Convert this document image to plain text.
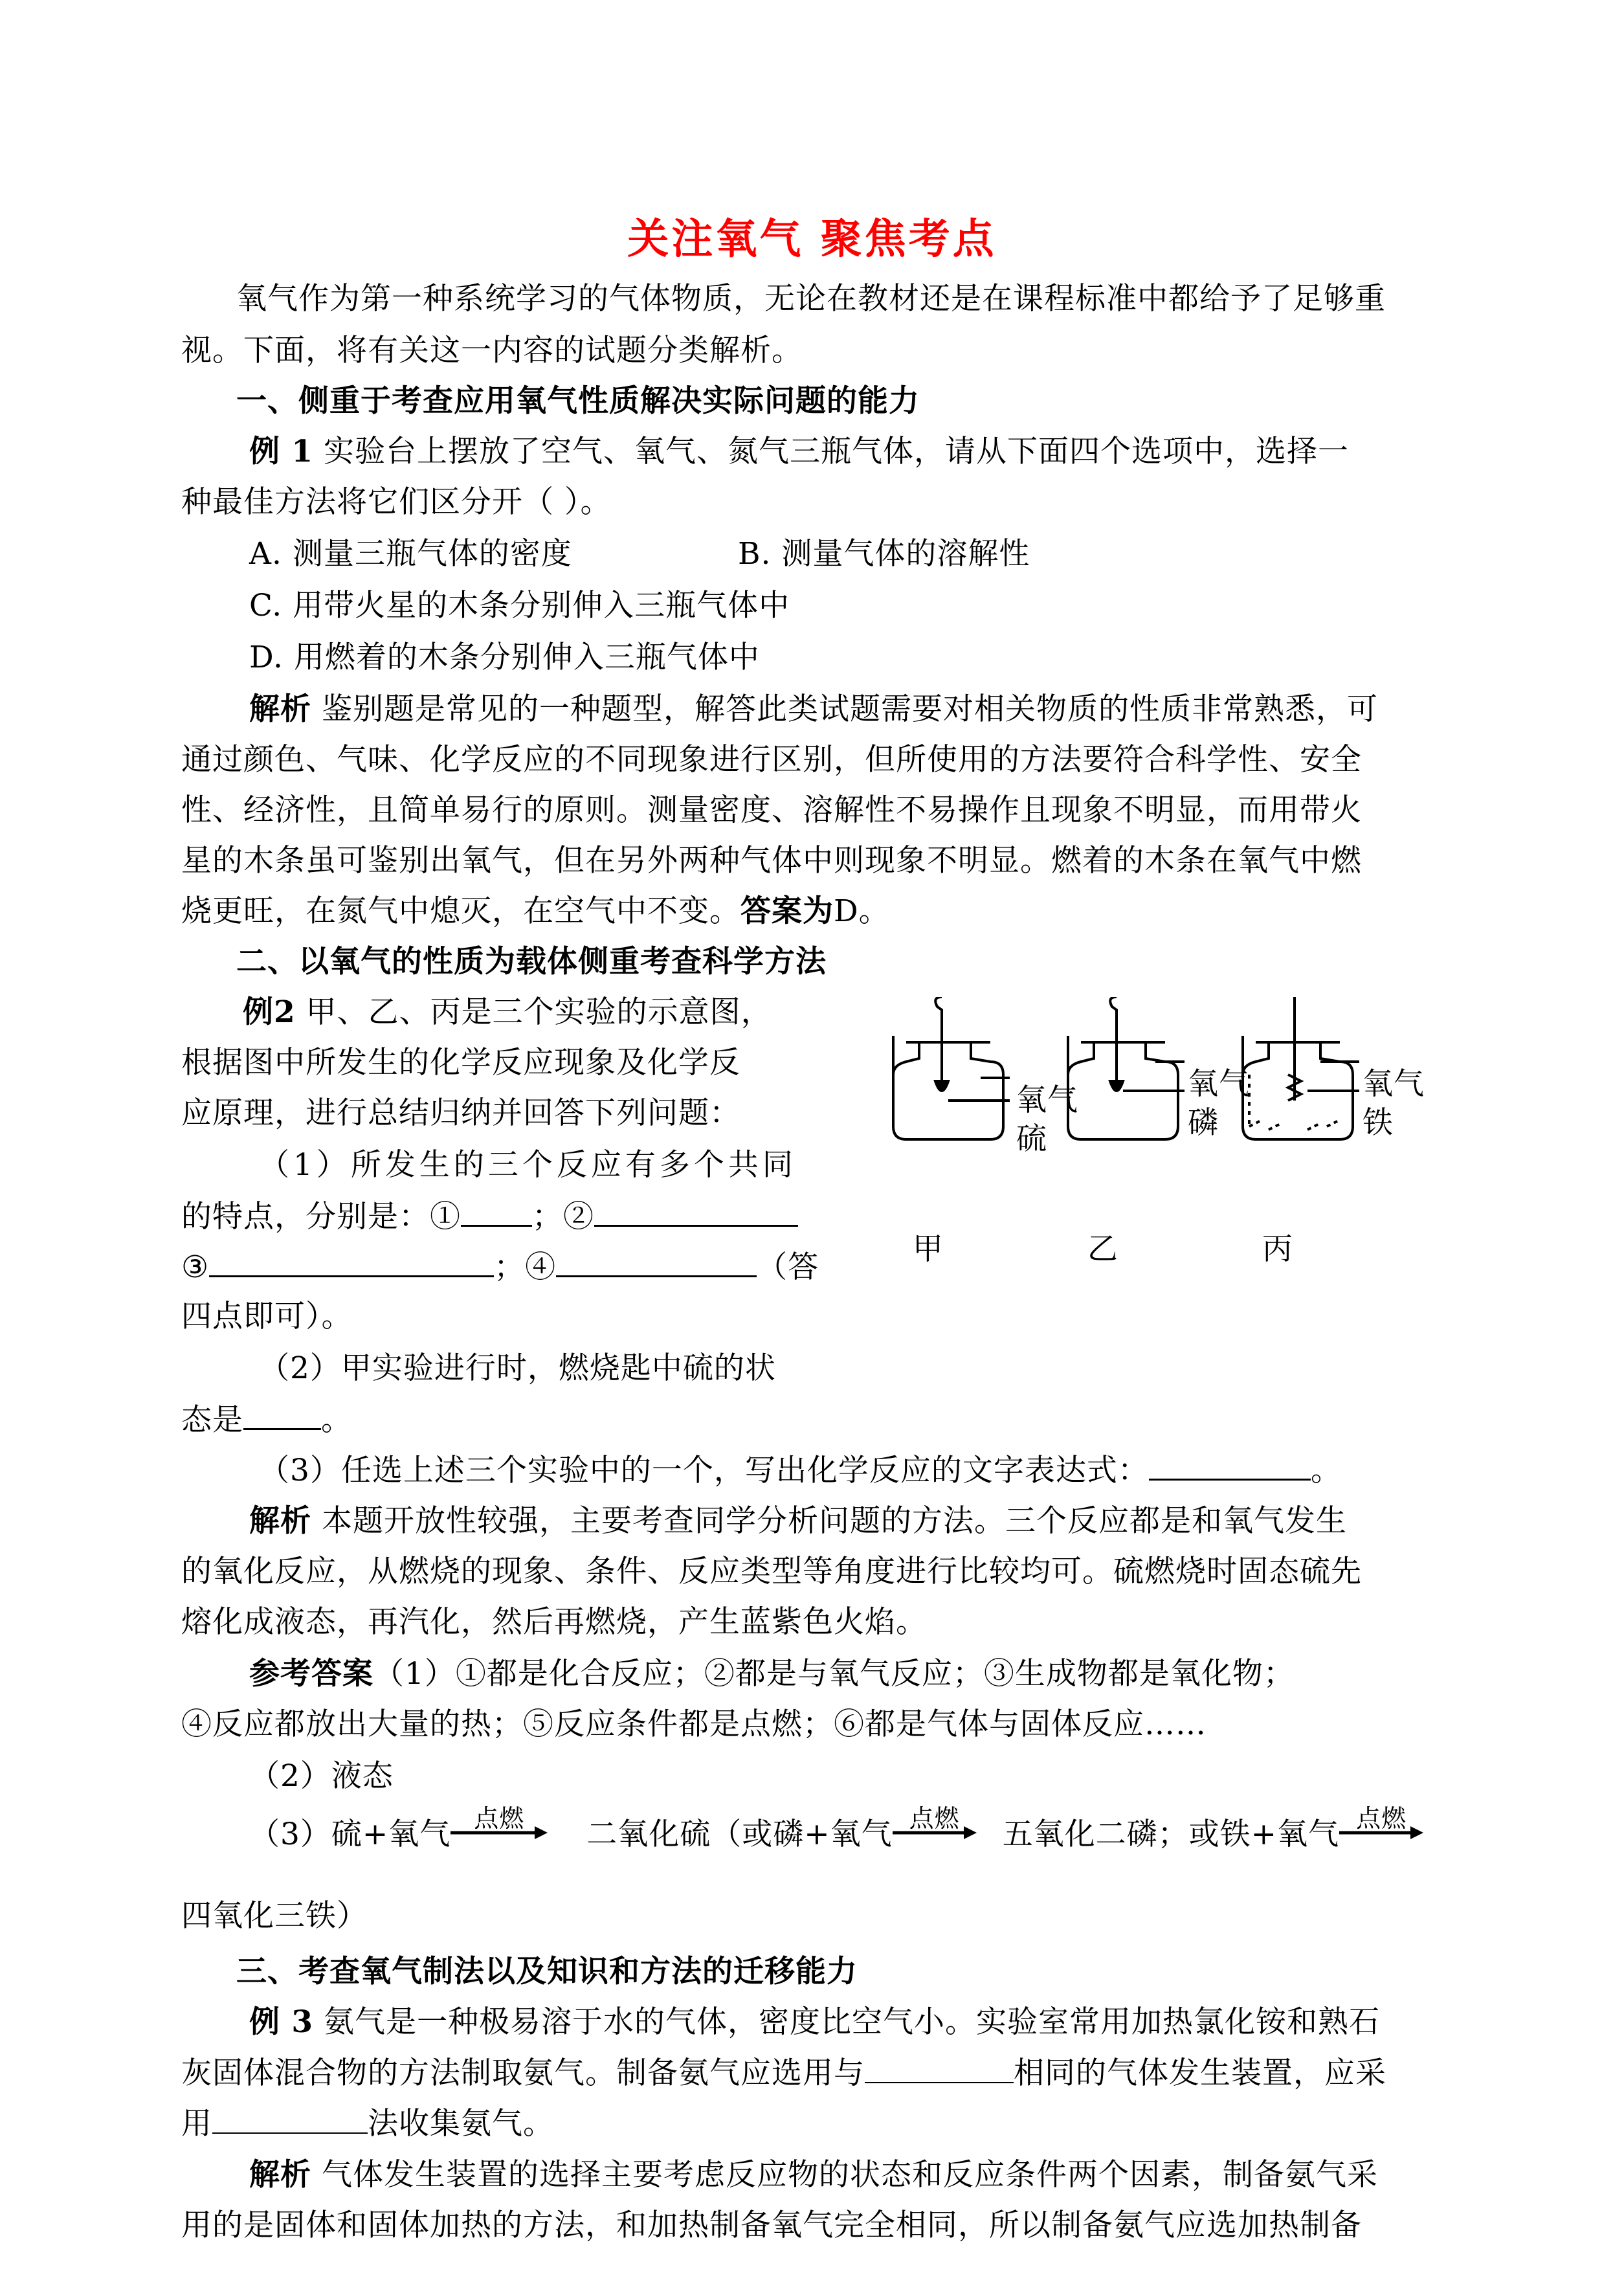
关注氧气 聚焦考点
氧气作为第一种系统学习的气体物质，无论在教材还是在课程标准中都给予了足够重
视。下面，将有关这一内容的试题分类解析。
一、侧重于考查应用氧气性质解决实际问题的能力
例 1 实验台上摆放了空气、氧气、氮气三瓶气体，请从下面四个选项中，选择一
种最佳方法将它们区分开（ ）。
A. 测量三瓶气体的密度	B. 测量气体的溶解性
C. 用带火星的木条分别伸入三瓶气体中
D. 用燃着的木条分别伸入三瓶气体中
解析 鉴别题是常见的一种题型，解答此类试题需要对相关物质的性质非常熟悉，可
通过颜色、气味、化学反应的不同现象进行区别，但所使用的方法要符合科学性、安全
性、经济性，且简单易行的原则。测量密度、溶解性不易操作且现象不明显，而用带火
星的木条虽可鉴别出氧气，但在另外两种气体中则现象不明显。燃着的木条在氧气中燃
烧更旺，在氮气中熄灭，在空气中不变。答案为D。
二、以氧气的性质为载体侧重考查科学方法
例2 甲、乙、丙是三个实验的示意图，
根据图中所发生的化学反应现象及化学反
应原理，进行总结归纳并回答下列问题：
（1）所发生的三个反应有多个共同
的特点，分别是：① ；②
③	；④	（答
四点即可）。
（2）甲实验进行时，燃烧匙中硫的状
态是	。
（3）任选上述三个实验中的一个，写出化学反应的文字表达式：	。
氧气
硫
甲
氧气
磷
乙
氧气
铁
丙
解析 本题开放性较强，主要考查同学分析问题的方法。三个反应都是和氧气发生
的氧化反应，从燃烧的现象、条件、反应类型等角度进行比较均可。硫燃烧时固态硫先
熔化成液态，再汽化，然后再燃烧，产生蓝紫色火焰。
参考答案（1）①都是化合反应；②都是与氧气反应；③生成物都是氧化物；
④反应都放出大量的热；⑤反应条件都是点燃；⑥都是气体与固体反应……
（2）液态
（3）硫+氧气 点燃	二氧化硫（或磷+氧气 点燃	五氧化二磷；或铁+氧气 点燃
四氧化三铁）
三、考查氧气制法以及知识和方法的迁移能力
例 3 氨气是一种极易溶于水的气体，密度比空气小。实验室常用加热氯化铵和熟石
灰固体混合物的方法制取氨气。制备氨气应选用与	相同的气体发生装置，应采
用	法收集氨气。
解析 气体发生装置的选择主要考虑反应物的状态和反应条件两个因素，制备氨气采
用的是固体和固体加热的方法，和加热制备氧气完全相同，所以制备氨气应选加热制备
